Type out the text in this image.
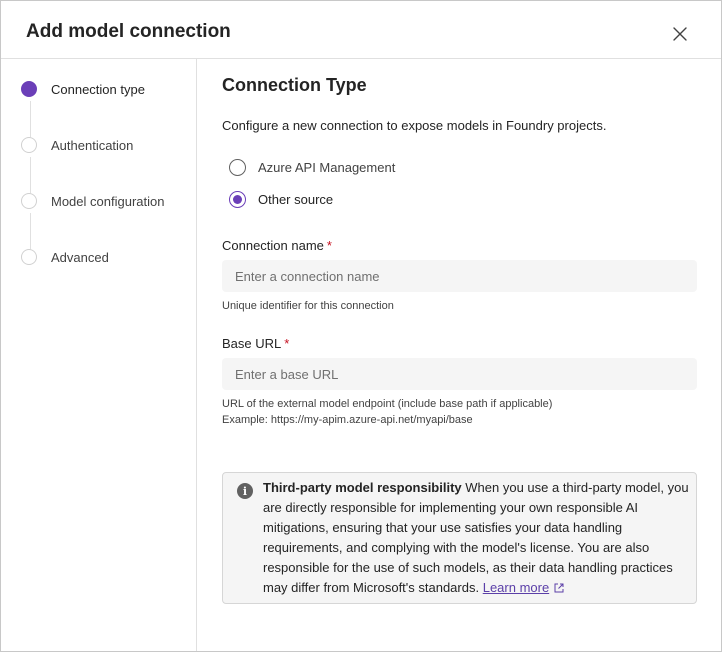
Add model connection
Connection type
Authentication
Model configuration
Advanced
Connection Type
Configure a new connection to expose models in Foundry projects.
Azure API Management
Other source
Connection name *
Enter a connection name
Unique identifier for this connection
Base URL *
Enter a base URL
URL of the external model endpoint (include base path if applicable)
Example: https://my-apim.azure-api.net/myapi/base
i	Third-party model responsibility When you use a third-party model, you are directly responsible for implementing your own responsible AI mitigations, ensuring that your use satisfies your data handling requirements, and complying with the model's license. You are also responsible for the use of such models, as their data handling practices may differ from Microsoft's standards. Learn more
